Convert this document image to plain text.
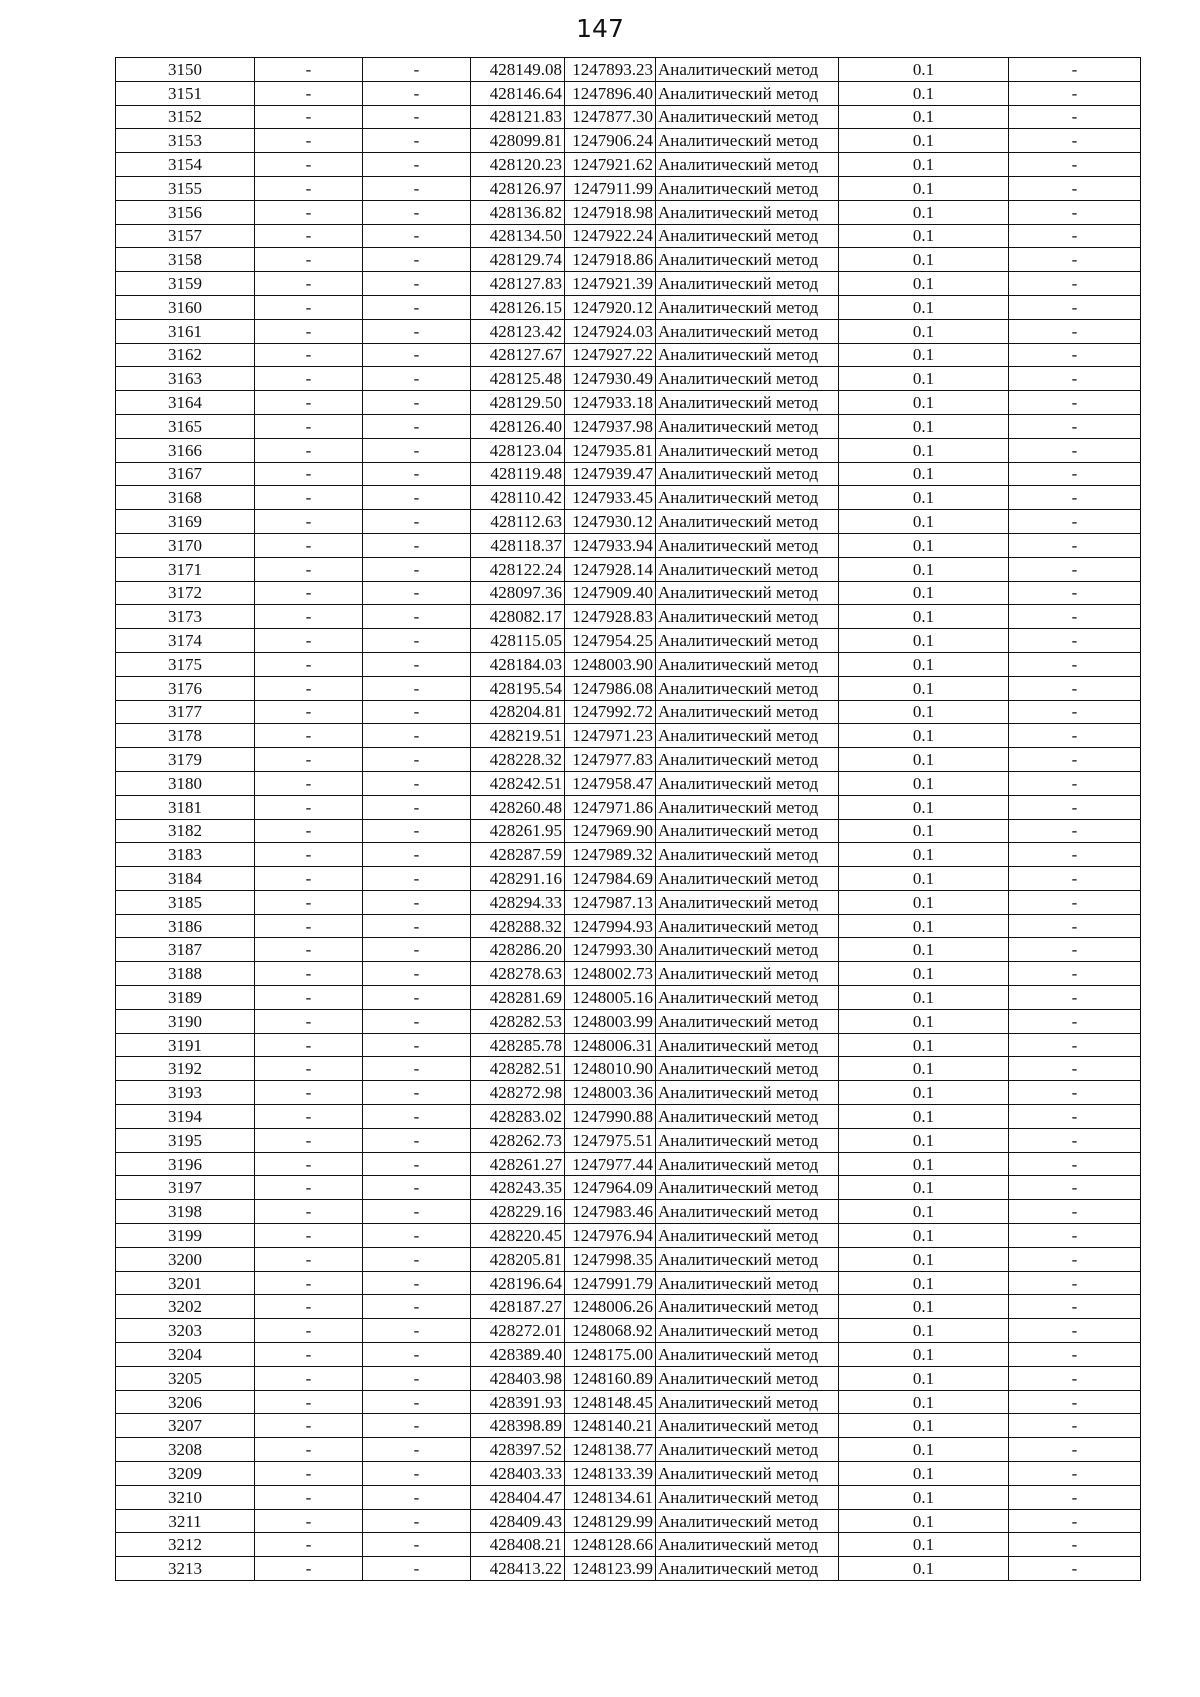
147
3150	-	-	428149.08	1247893.23	Аналитический метод	0.1	-
3151	-	-	428146.64	1247896.40	Аналитический метод	0.1	-
3152	-	-	428121.83	1247877.30	Аналитический метод	0.1	-
3153	-	-	428099.81	1247906.24	Аналитический метод	0.1	-
3154	-	-	428120.23	1247921.62	Аналитический метод	0.1	-
3155	-	-	428126.97	1247911.99	Аналитический метод	0.1	-
3156	-	-	428136.82	1247918.98	Аналитический метод	0.1	-
3157	-	-	428134.50	1247922.24	Аналитический метод	0.1	-
3158	-	-	428129.74	1247918.86	Аналитический метод	0.1	-
3159	-	-	428127.83	1247921.39	Аналитический метод	0.1	-
3160	-	-	428126.15	1247920.12	Аналитический метод	0.1	-
3161	-	-	428123.42	1247924.03	Аналитический метод	0.1	-
3162	-	-	428127.67	1247927.22	Аналитический метод	0.1	-
3163	-	-	428125.48	1247930.49	Аналитический метод	0.1	-
3164	-	-	428129.50	1247933.18	Аналитический метод	0.1	-
3165	-	-	428126.40	1247937.98	Аналитический метод	0.1	-
3166	-	-	428123.04	1247935.81	Аналитический метод	0.1	-
3167	-	-	428119.48	1247939.47	Аналитический метод	0.1	-
3168	-	-	428110.42	1247933.45	Аналитический метод	0.1	-
3169	-	-	428112.63	1247930.12	Аналитический метод	0.1	-
3170	-	-	428118.37	1247933.94	Аналитический метод	0.1	-
3171	-	-	428122.24	1247928.14	Аналитический метод	0.1	-
3172	-	-	428097.36	1247909.40	Аналитический метод	0.1	-
3173	-	-	428082.17	1247928.83	Аналитический метод	0.1	-
3174	-	-	428115.05	1247954.25	Аналитический метод	0.1	-
3175	-	-	428184.03	1248003.90	Аналитический метод	0.1	-
3176	-	-	428195.54	1247986.08	Аналитический метод	0.1	-
3177	-	-	428204.81	1247992.72	Аналитический метод	0.1	-
3178	-	-	428219.51	1247971.23	Аналитический метод	0.1	-
3179	-	-	428228.32	1247977.83	Аналитический метод	0.1	-
3180	-	-	428242.51	1247958.47	Аналитический метод	0.1	-
3181	-	-	428260.48	1247971.86	Аналитический метод	0.1	-
3182	-	-	428261.95	1247969.90	Аналитический метод	0.1	-
3183	-	-	428287.59	1247989.32	Аналитический метод	0.1	-
3184	-	-	428291.16	1247984.69	Аналитический метод	0.1	-
3185	-	-	428294.33	1247987.13	Аналитический метод	0.1	-
3186	-	-	428288.32	1247994.93	Аналитический метод	0.1	-
3187	-	-	428286.20	1247993.30	Аналитический метод	0.1	-
3188	-	-	428278.63	1248002.73	Аналитический метод	0.1	-
3189	-	-	428281.69	1248005.16	Аналитический метод	0.1	-
3190	-	-	428282.53	1248003.99	Аналитический метод	0.1	-
3191	-	-	428285.78	1248006.31	Аналитический метод	0.1	-
3192	-	-	428282.51	1248010.90	Аналитический метод	0.1	-
3193	-	-	428272.98	1248003.36	Аналитический метод	0.1	-
3194	-	-	428283.02	1247990.88	Аналитический метод	0.1	-
3195	-	-	428262.73	1247975.51	Аналитический метод	0.1	-
3196	-	-	428261.27	1247977.44	Аналитический метод	0.1	-
3197	-	-	428243.35	1247964.09	Аналитический метод	0.1	-
3198	-	-	428229.16	1247983.46	Аналитический метод	0.1	-
3199	-	-	428220.45	1247976.94	Аналитический метод	0.1	-
3200	-	-	428205.81	1247998.35	Аналитический метод	0.1	-
3201	-	-	428196.64	1247991.79	Аналитический метод	0.1	-
3202	-	-	428187.27	1248006.26	Аналитический метод	0.1	-
3203	-	-	428272.01	1248068.92	Аналитический метод	0.1	-
3204	-	-	428389.40	1248175.00	Аналитический метод	0.1	-
3205	-	-	428403.98	1248160.89	Аналитический метод	0.1	-
3206	-	-	428391.93	1248148.45	Аналитический метод	0.1	-
3207	-	-	428398.89	1248140.21	Аналитический метод	0.1	-
3208	-	-	428397.52	1248138.77	Аналитический метод	0.1	-
3209	-	-	428403.33	1248133.39	Аналитический метод	0.1	-
3210	-	-	428404.47	1248134.61	Аналитический метод	0.1	-
3211	-	-	428409.43	1248129.99	Аналитический метод	0.1	-
3212	-	-	428408.21	1248128.66	Аналитический метод	0.1	-
3213	-	-	428413.22	1248123.99	Аналитический метод	0.1	-
